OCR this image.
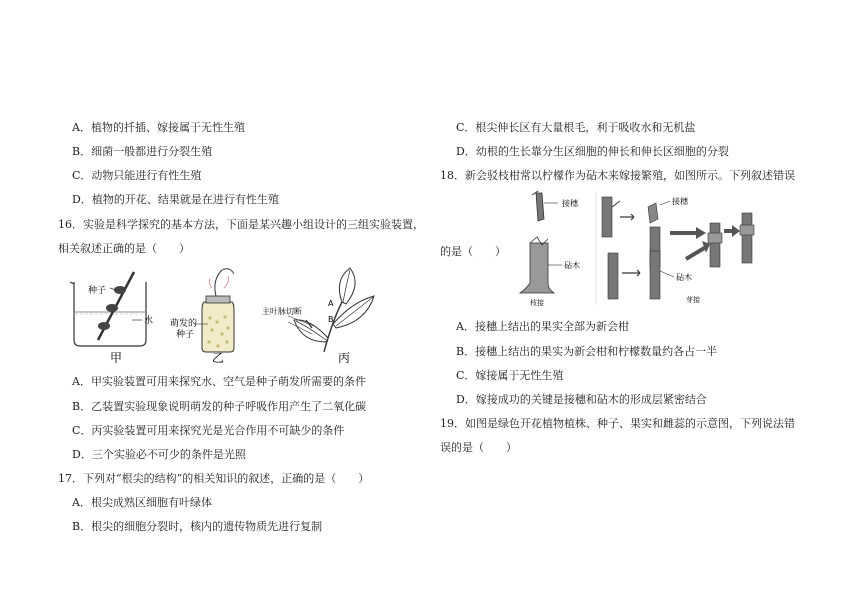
A．植物的扦插、嫁接属于无性生殖
B．细菌一般都进行分裂生殖
C．动物只能进行有性生殖
D．植物的开花、结果就是在进行有性生殖
16．实验是科学探究的基本方法，下面是某兴趣小组设计的三组实验装置，
相关叙述正确的是（　　）
种子
水
甲
萌发的
种子
乙
主叶脉切断
A
B
丙
A．甲实验装置可用来探究水、空气是种子萌发所需要的条件
B．乙装置实验现象说明萌发的种子呼吸作用产生了二氧化碳
C．丙实验装置可用来探究光是光合作用不可缺少的条件
D．三个实验必不可少的条件是光照
17．下列对“根尖的结构”的相关知识的叙述，正确的是（　　）
A．根尖成熟区细胞有叶绿体
B．根尖的细胞分裂时，核内的遗传物质先进行复制
C．根尖伸长区有大量根毛，利于吸收水和无机盐
D．幼根的生长靠分生区细胞的伸长和伸长区细胞的分裂
18．新会驳枝柑常以柠檬作为砧木来嫁接繁殖，如图所示。下列叙述错误
的是（　　）
接穗
砧木
枝接
接穗
砧木
芽接
A．接穗上结出的果实全部为新会柑
B．接穗上结出的果实为新会柑和柠檬数量约各占一半
C．嫁接属于无性生殖
D．嫁接成功的关键是接穗和砧木的形成层紧密结合
19．如图是绿色开花植物植株、种子、果实和雌蕊的示意图，下列说法错
误的是（　　）
